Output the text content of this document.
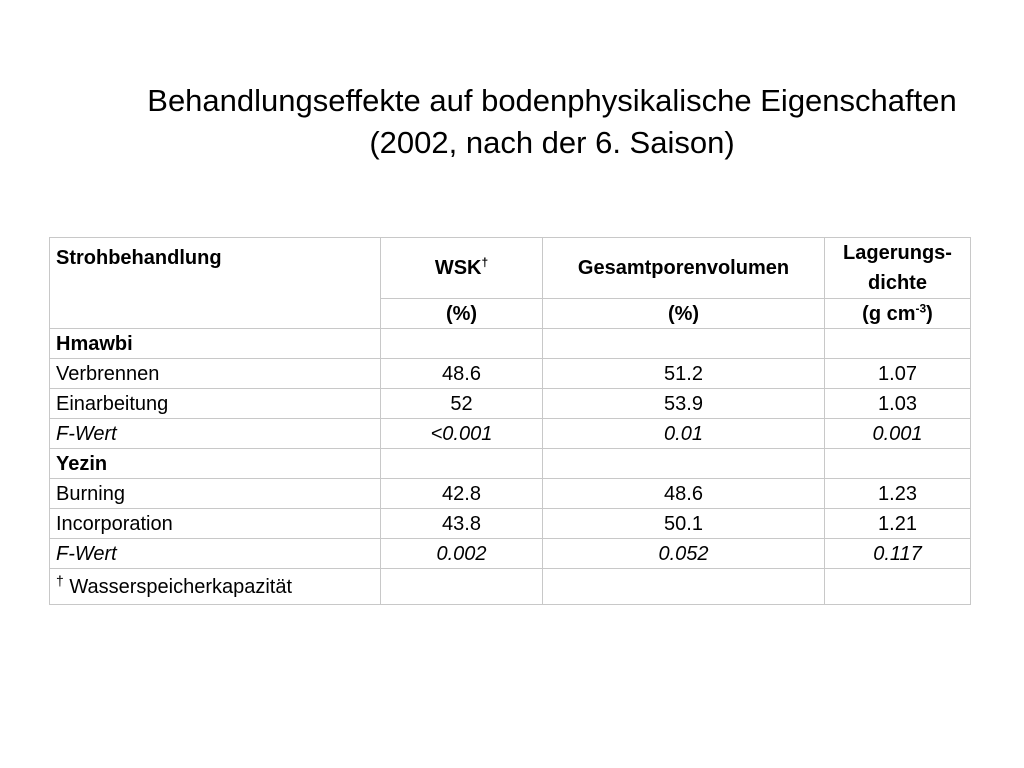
Behandlungseffekte auf bodenphysikalische Eigenschaften
(2002, nach der 6. Saison)
Strohbehandlung	WSK†	Gesamtporenvolumen	Lagerungs-
dichte
	(%)	(%)	(g $cm^{-3}$)
Hmawbi			
Verbrennen	48.6	51.2	1.07
Einarbeitung	52	53.9	1.03
F-Wert	<0.001	0.01	0.001
Yezin			
Burning	42.8	48.6	1.23
Incorporation	43.8	50.1	1.21
F-Wert	0.002	0.052	0.117
† Wasserspeicherkapazität			
